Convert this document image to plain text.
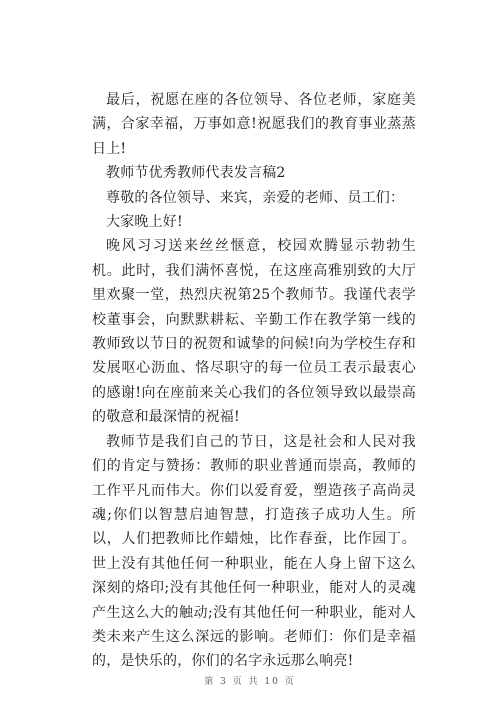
最后，祝愿在座的各位领导、各位老师，家庭美满，合家幸福，万事如意!祝愿我们的教育事业蒸蒸日上!

教师节优秀教师代表发言稿2

尊敬的各位领导、来宾，亲爱的老师、员工们：

大家晚上好!

晚风习习送来丝丝惬意，校园欢腾显示勃勃生机。此时，我们满怀喜悦，在这座高雅别致的大厅里欢聚一堂，热烈庆祝第25个教师节。我谨代表学校董事会，向默默耕耘、辛勤工作在教学第一线的教师致以节日的祝贺和诚挚的问候!向为学校生存和发展呕心沥血、恪尽职守的每一位员工表示最衷心的感谢!向在座前来关心我们的各位领导致以最崇高的敬意和最深情的祝福!

教师节是我们自己的节日，这是社会和人民对我们的肯定与赞扬：教师的职业普通而崇高，教师的工作平凡而伟大。你们以爱育爱，塑造孩子高尚灵魂;你们以智慧启迪智慧，打造孩子成功人生。所以，人们把教师比作蜡烛，比作春蚕，比作园丁。世上没有其他任何一种职业，能在人身上留下这么深刻的烙印;没有其他任何一种职业，能对人的灵魂产生这么大的触动;没有其他任何一种职业，能对人类未来产生这么深远的影响。老师们：你们是幸福的，是快乐的，你们的名字永远那么响亮!

第 3 页 共 10 页
